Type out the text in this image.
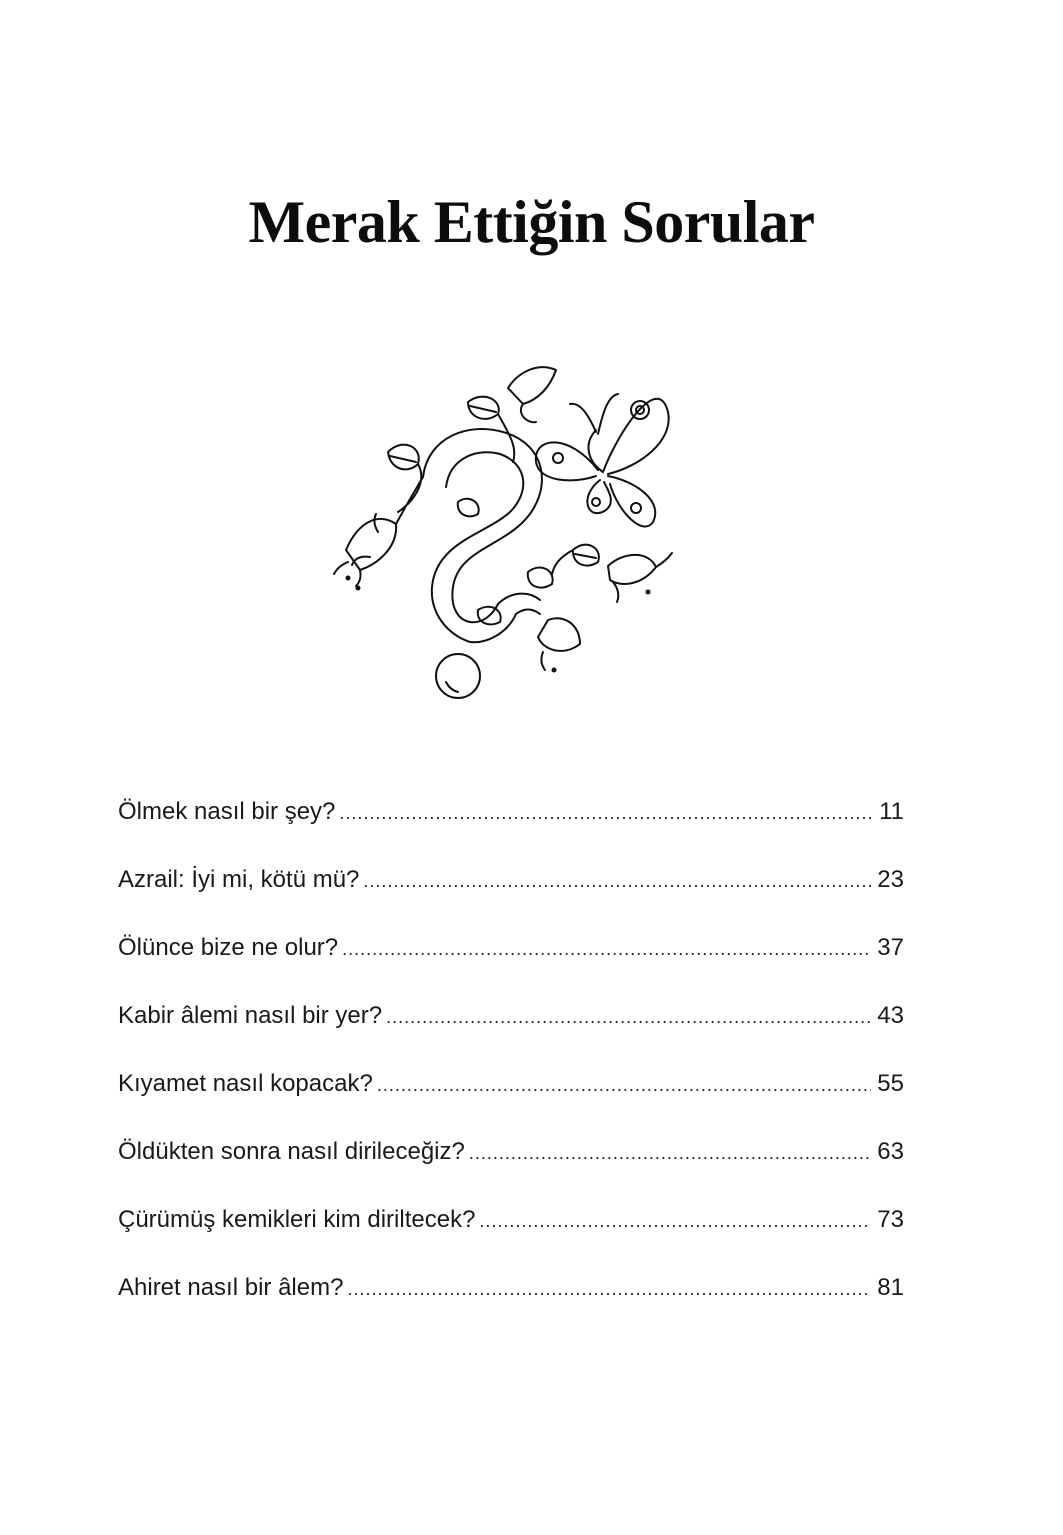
Merak Ettiğin Sorular
Ölmek nasıl bir şey? .....	11
Azrail: İyi mi, kötü mü? .....	23
Ölünce bize ne olur? .....	37
Kabir âlemi nasıl bir yer? .....	43
Kıyamet nasıl kopacak? .....	55
Öldükten sonra nasıl dirileceğiz? .....	63
Çürümüş kemikleri kim diriltecek? .....	73
Ahiret nasıl bir âlem? .....	81
